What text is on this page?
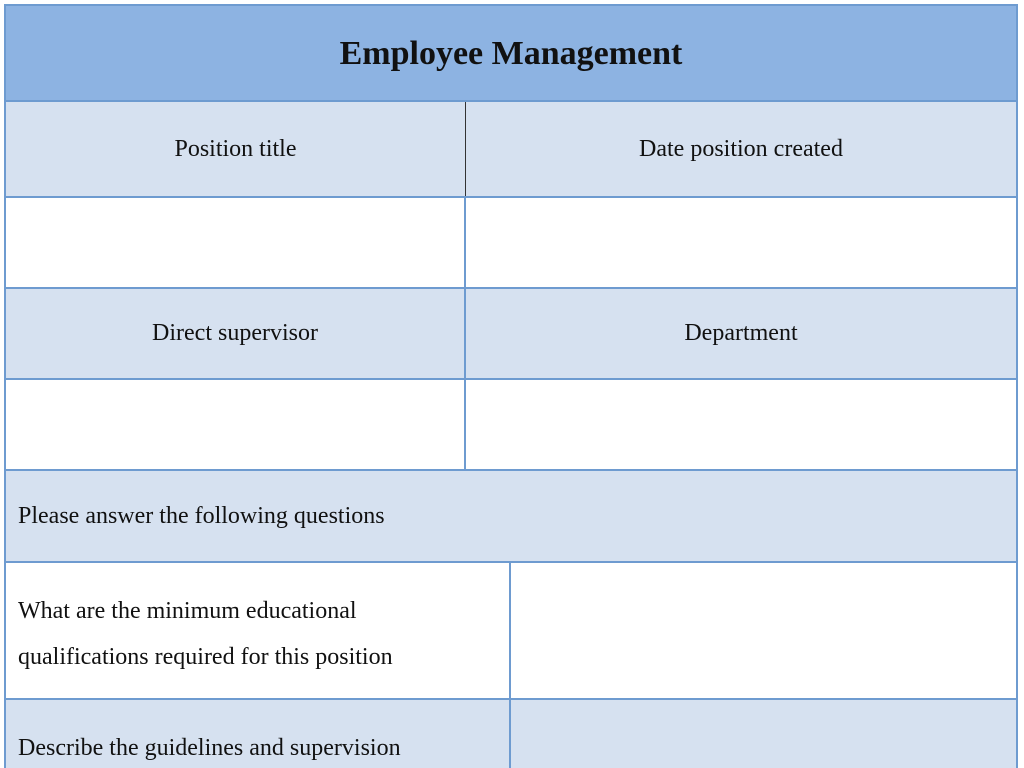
Employee Management
Position title	Date position created
Direct supervisor	Department
Please answer the following questions
What are the minimum educational
qualifications required for this position
Describe the guidelines and supervision
